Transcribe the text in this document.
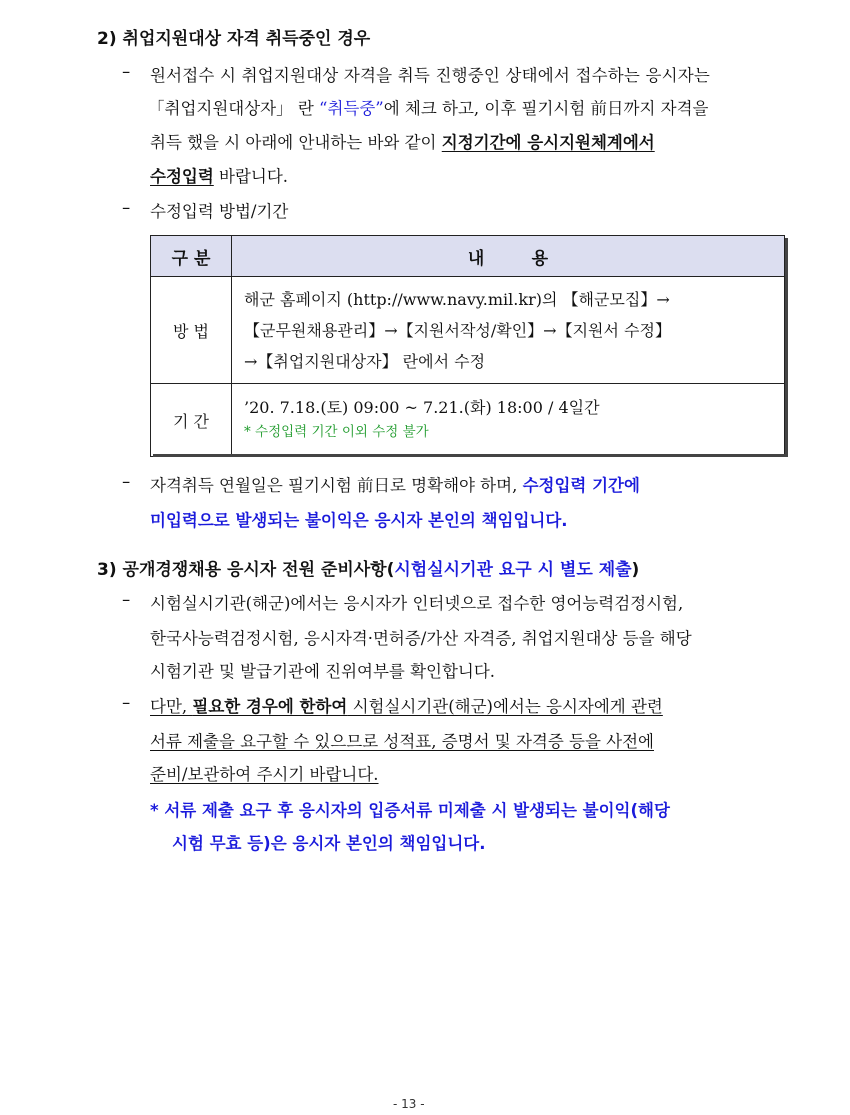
2) 취업지원대상 자격 취득중인 경우
– 원서접수 시 취업지원대상 자격을 취득 진행중인 상태에서 접수하는 응시자는
「취업지원대상자」 란 “취득중”에 체크 하고, 이후 필기시험 前日까지 자격을
취득 했을 시 아래에 안내하는 바와 같이 지정기간에 응시지원체계에서
수정입력 바랍니다.
– 수정입력 방법/기간
구 분	내        용
방 법	해군 홈페이지 (http://www.navy.mil.kr)의 【해군모집】→
【군무원채용관리】→【지원서작성/확인】→【지원서 수정】
→【취업지원대상자】 란에서 수정

기 간	’20. 7.18.(토) 09:00 ~ 7.21.(화) 18:00 / 4일간
* 수정입력 기간 이외 수정 불가
– 자격취득 연월일은 필기시험 前日로 명확해야 하며, 수정입력 기간에
미입력으로 발생되는 불이익은 응시자 본인의 책임입니다.
3) 공개경쟁채용 응시자 전원 준비사항(시험실시기관 요구 시 별도 제출)
– 시험실시기관(해군)에서는 응시자가 인터넷으로 접수한 영어능력검정시험,
한국사능력검정시험, 응시자격·면허증/가산 자격증, 취업지원대상 등을 해당
시험기관 및 발급기관에 진위여부를 확인합니다.
– 다만, 필요한 경우에 한하여 시험실시기관(해군)에서는 응시자에게 관련
서류 제출을 요구할 수 있으므로 성적표, 증명서 및 자격증 등을 사전에
준비/보관하여 주시기 바랍니다.
* 서류 제출 요구 후 응시자의 입증서류 미제출 시 발생되는 불이익(해당
시험 무효 등)은 응시자 본인의 책임입니다.
- 13 -
